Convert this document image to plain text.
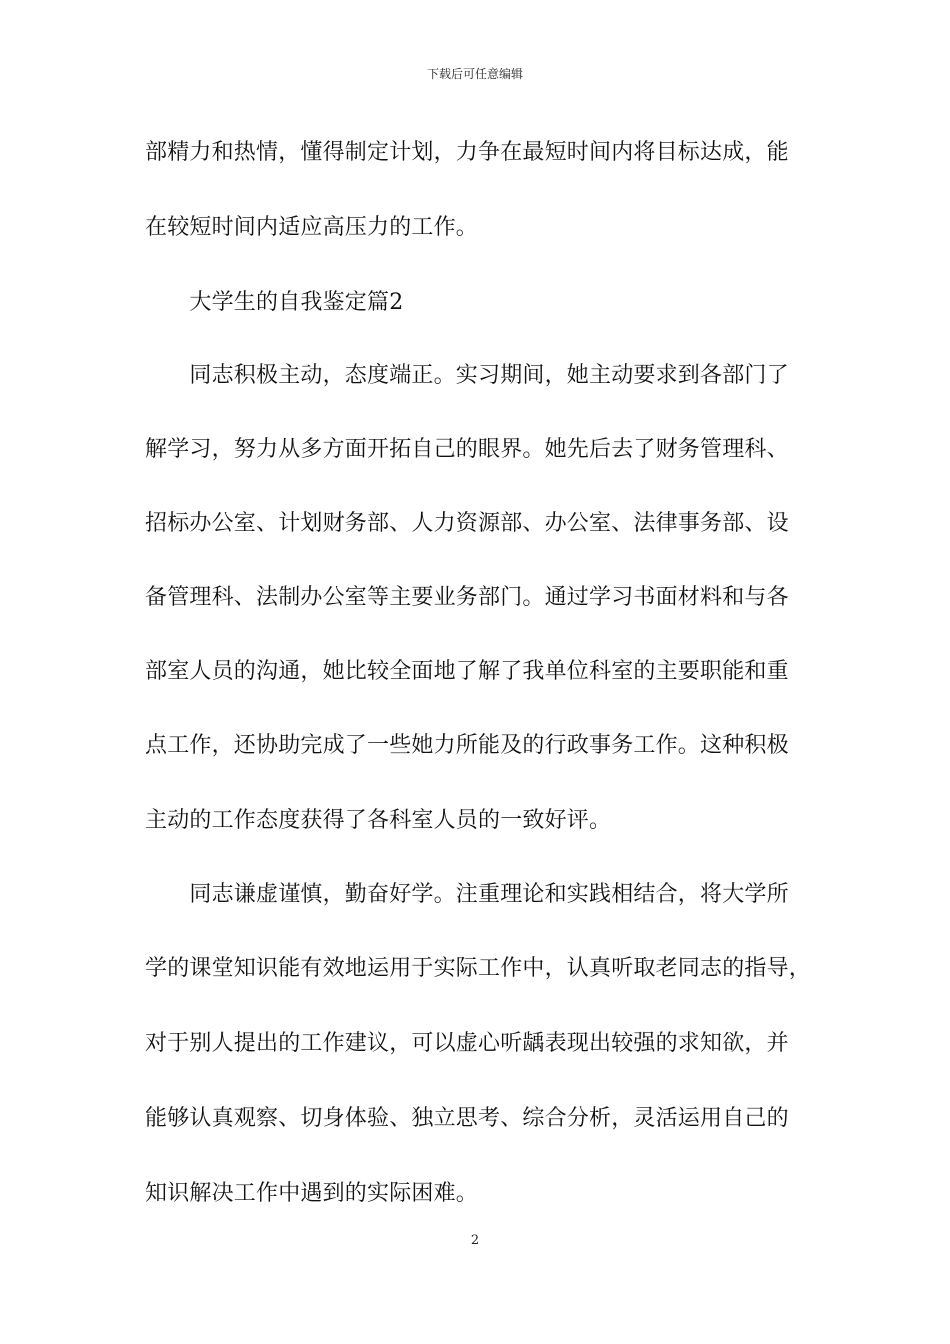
下载后可任意编辑
部精力和热情，懂得制定计划，力争在最短时间内将目标达成，能
在较短时间内适应高压力的工作。
　　大学生的自我鉴定篇2
　　同志积极主动，态度端正。实习期间，她主动要求到各部门了
解学习，努力从多方面开拓自己的眼界。她先后去了财务管理科、
招标办公室、计划财务部、人力资源部、办公室、法律事务部、设
备管理科、法制办公室等主要业务部门。通过学习书面材料和与各
部室人员的沟通，她比较全面地了解了我单位科室的主要职能和重
点工作，还协助完成了一些她力所能及的行政事务工作。这种积极
主动的工作态度获得了各科室人员的一致好评。
　　同志谦虚谨慎，勤奋好学。注重理论和实践相结合，将大学所
学的课堂知识能有效地运用于实际工作中，认真听取老同志的指导，
对于别人提出的工作建议，可以虚心听龋表现出较强的求知欲，并
能够认真观察、切身体验、独立思考、综合分析，灵活运用自己的
知识解决工作中遇到的实际困难。
2
